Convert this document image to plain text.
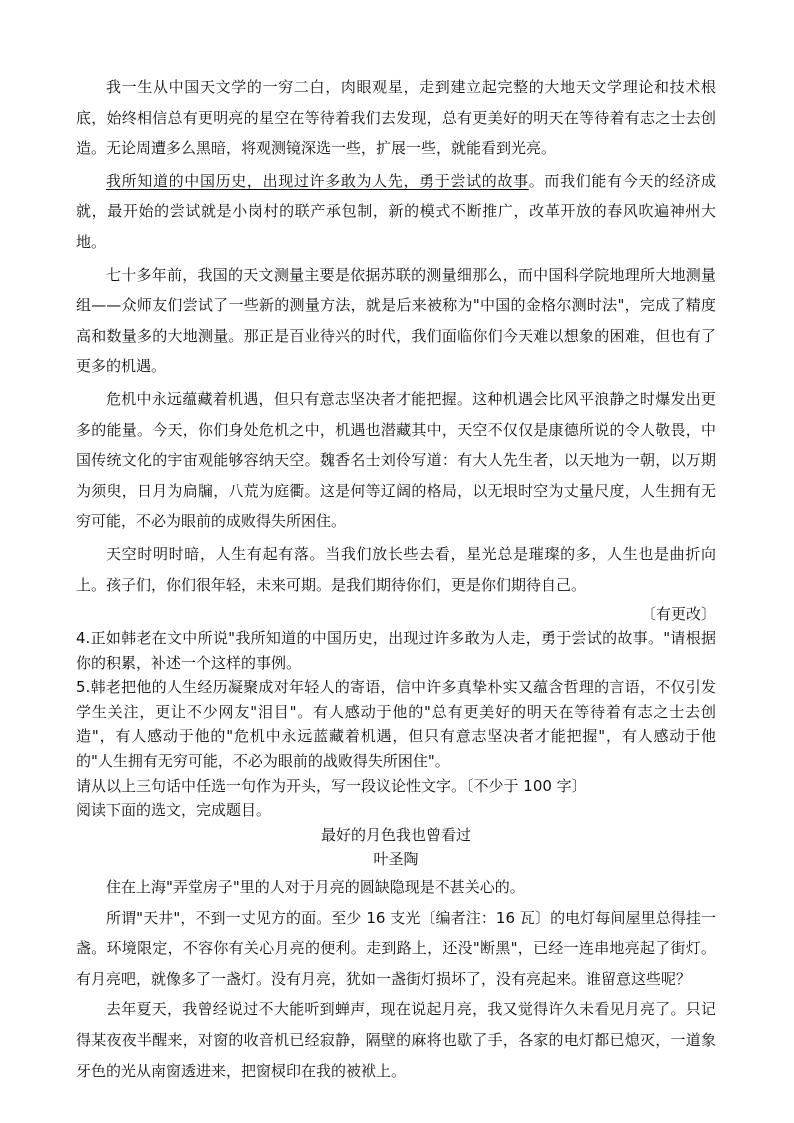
我一生从中国天文学的一穷二白，肉眼观星，走到建立起完整的大地天文学理论和技术根底，始终相信总有更明亮的星空在等待着我们去发现，总有更美好的明天在等待着有志之士去创造。无论周遭多么黑暗，将观测镜深选一些，扩展一些，就能看到光亮。

我所知道的中国历史，出现过许多敢为人先，勇于尝试的故事。而我们能有今天的经济成就，最开始的尝试就是小岗村的联产承包制，新的模式不断推广，改革开放的春风吹遍神州大地。

七十多年前，我国的天文测量主要是依据苏联的测量细那么，而中国科学院地理所大地测量组——众师友们尝试了一些新的测量方法，就是后来被称为"中国的金格尔测时法"，完成了精度高和数量多的大地测量。那正是百业待兴的时代，我们面临你们今天难以想象的困难，但也有了更多的机遇。

危机中永远蕴藏着机遇，但只有意志坚决者才能把握。这种机遇会比风平浪静之时爆发出更多的能量。今天，你们身处危机之中，机遇也潜藏其中，天空不仅仅是康德所说的令人敬畏，中国传统文化的宇宙观能够容纳天空。魏香名士刘伶写道：有大人先生者，以天地为一朝，以万期为须臾，日月为扃牖，八荒为庭衢。这是何等辽阔的格局，以无垠时空为丈量尺度，人生拥有无穷可能，不必为眼前的成败得失所困住。

天空时明时暗，人生有起有落。当我们放长些去看，星光总是璀璨的多，人生也是曲折向上。孩子们，你们很年轻，未来可期。是我们期待你们，更是你们期待自己。

〔有更改〕

4.正如韩老在文中所说"我所知道的中国历史，出现过许多敢为人走，勇于尝试的故事。"请根据你的积累，补述一个这样的事例。

5.韩老把他的人生经历凝聚成对年轻人的寄语，信中许多真挚朴实又蕴含哲理的言语，不仅引发学生关注，更让不少网友"泪目"。有人感动于他的"总有更美好的明天在等待着有志之士去创造"，有人感动于他的"危机中永远蓝藏着机遇，但只有意志坚决者才能把握"，有人感动于他的"人生拥有无穷可能，不必为眼前的战败得失所困住"。

请从以上三句话中任选一句作为开头，写一段议论性文字。〔不少于 100 字〕

阅读下面的选文，完成题目。

最好的月色我也曾看过

叶圣陶

住在上海"弄堂房子"里的人对于月亮的圆缺隐现是不甚关心的。

所谓"天井"，不到一丈见方的面。至少 16 支光〔编者注：16 瓦〕的电灯每间屋里总得挂一盏。环境限定，不容你有关心月亮的便利。走到路上，还没"断黑"，已经一连串地亮起了街灯。有月亮吧，就像多了一盏灯。没有月亮，犹如一盏街灯损坏了，没有亮起来。谁留意这些呢？

去年夏天，我曾经说过不大能听到蝉声，现在说起月亮，我又觉得许久未看见月亮了。只记得某夜夜半醒来，对窗的收音机已经寂静，隔壁的麻将也歇了手，各家的电灯都已熄灭，一道象牙色的光从南窗透进来，把窗棂印在我的被袱上。
